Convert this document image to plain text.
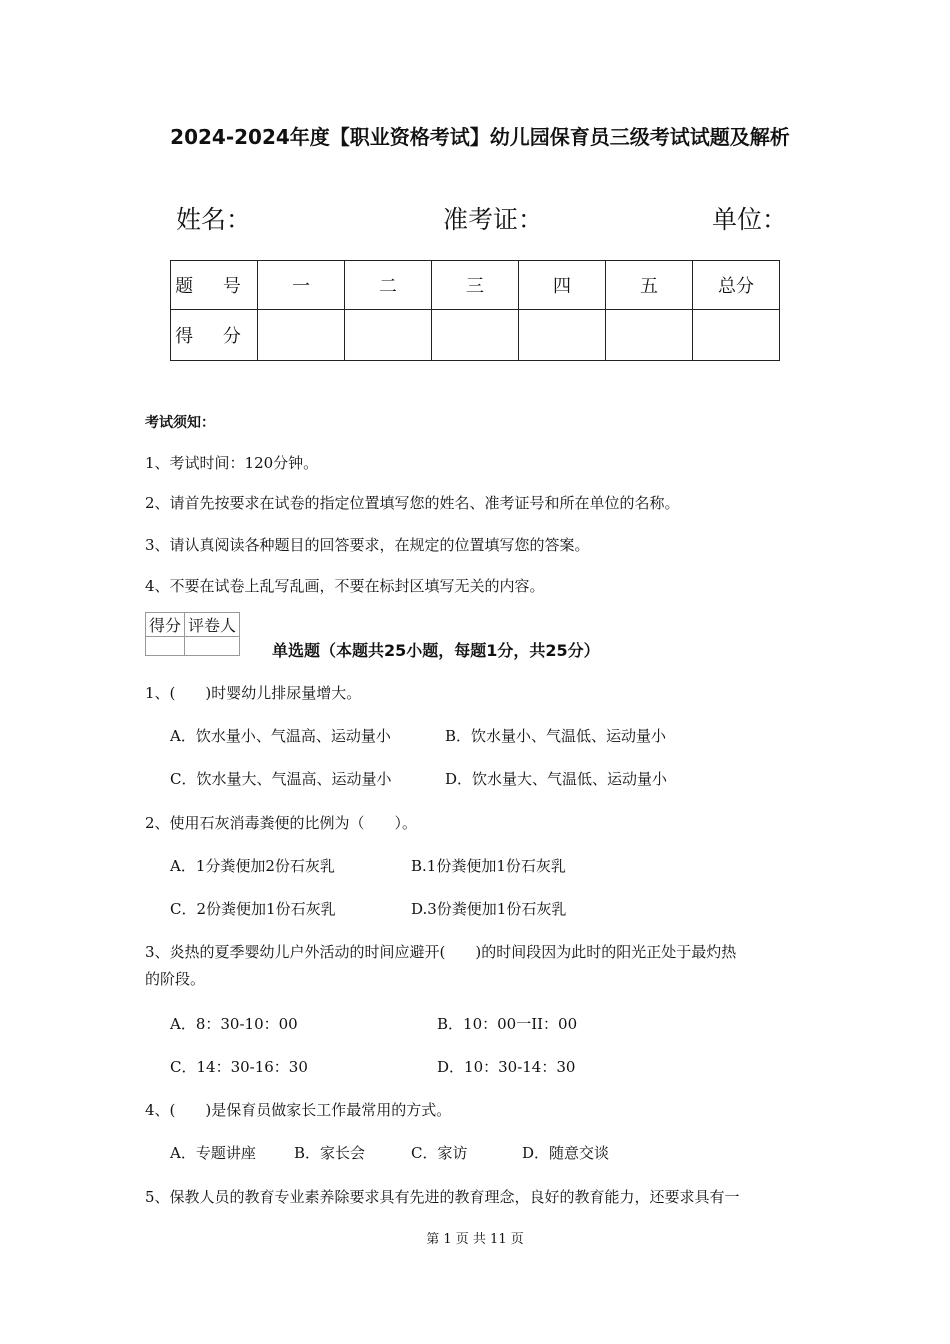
2024-2024年度【职业资格考试】幼儿园保育员三级考试试题及解析
姓名：	准考证：	单位：
题 号	一	二	三	四	五	总分
得 分						
考试须知：
1、考试时间：120分钟。
2、请首先按要求在试卷的指定位置填写您的姓名、准考证号和所在单位的名称。
3、请认真阅读各种题目的回答要求，在规定的位置填写您的答案。
4、不要在试卷上乱写乱画，不要在标封区填写无关的内容。
得分	评卷人

单选题（本题共25小题，每题1分，共25分）
1、(　　)时婴幼儿排尿量增大。
A．饮水量小、气温高、运动量小	B．饮水量小、气温低、运动量小
C．饮水量大、气温高、运动量小	D．饮水量大、气温低、运动量小
2、使用石灰消毒粪便的比例为（　　）。
A．1分粪便加2份石灰乳	B.1份粪便加1份石灰乳
C．2份粪便加1份石灰乳	D.3份粪便加1份石灰乳
3、炎热的夏季婴幼儿户外活动的时间应避开(　　)的时间段因为此时的阳光正处于最灼热
的阶段。
A．8：30-10：00	B．10：00一II：00
C．14：30-16：30	D．10：30-14：30
4、(　　)是保育员做家长工作最常用的方式。
A．专题讲座	B．家长会	C．家访	D．随意交谈
5、保教人员的教育专业素养除要求具有先进的教育理念，良好的教育能力，还要求具有一
第 1 页 共 11 页
